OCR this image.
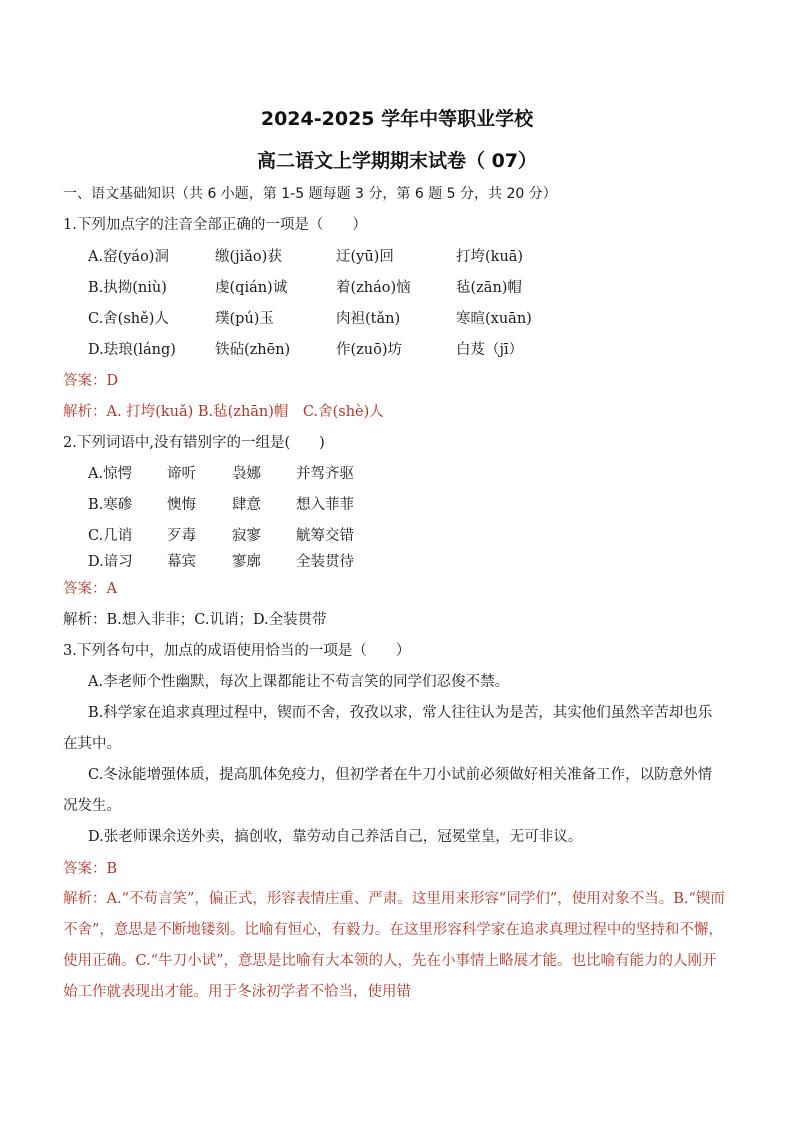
2024-2025 学年中等职业学校
高二语文上学期期末试卷（ 07）
一、语文基础知识（共 6 小题，第 1-5 题每题 3 分，第 6 题 5 分，共 20 分）
1.下列加点字的注音全部正确的一项是（　　）
A.窑(yáo)洞	缴(jiǎo)获	迂(yū)回	打垮(kuā)
B.执拗(niù)	虔(qián)诚	着(zháo)恼	毡(zān)帽
C.舍(shě)人	璞(pú)玉	肉袒(tǎn)	寒暄(xuān)
D.珐琅(láng)	铁砧(zhēn)	作(zuō)坊	白芨（jī）
答案：D
解析：A. 打垮(kuǎ) B.毡(zhān)帽　C.舍(shè)人
2.下列词语中,没有错别字的一组是(　　)
A.惊愕 谛听 袅娜 并驾齐驱
B.寒碜 懊悔 肆意 想入菲菲
C.几诮 歹毒 寂寥 觥筹交错
D.谙习 幕宾 寥廓 全装贯待
答案：A
解析：B.想入非非；C.讥诮；D.全装贯带
3.下列各句中，加点的成语使用恰当的一项是（　　）
A.李老师个性幽默，每次上课都能让不苟言笑的同学们忍俊不禁。
B.科学家在追求真理过程中，锲而不舍，孜孜以求，常人往往认为是苦，其实他们虽然辛苦却也乐在其中。
C.冬泳能增强体质，提高肌体免疫力，但初学者在牛刀小试前必须做好相关准备工作，以防意外情况发生。
D.张老师课余送外卖，搞创收，靠劳动自己养活自己，冠冕堂皇，无可非议。
答案：B
解析：A.“不苟言笑”，偏正式，形容表情庄重、严肃。这里用来形容“同学们”，使用对象不当。B.“锲而不舍”，意思是不断地镂刻。比喻有恒心，有毅力。在这里形容科学家在追求真理过程中的坚持和不懈，使用正确。C.“牛刀小试”，意思是比喻有大本领的人，先在小事情上略展才能。也比喻有能力的人刚开始工作就表现出才能。用于冬泳初学者不恰当，使用错
